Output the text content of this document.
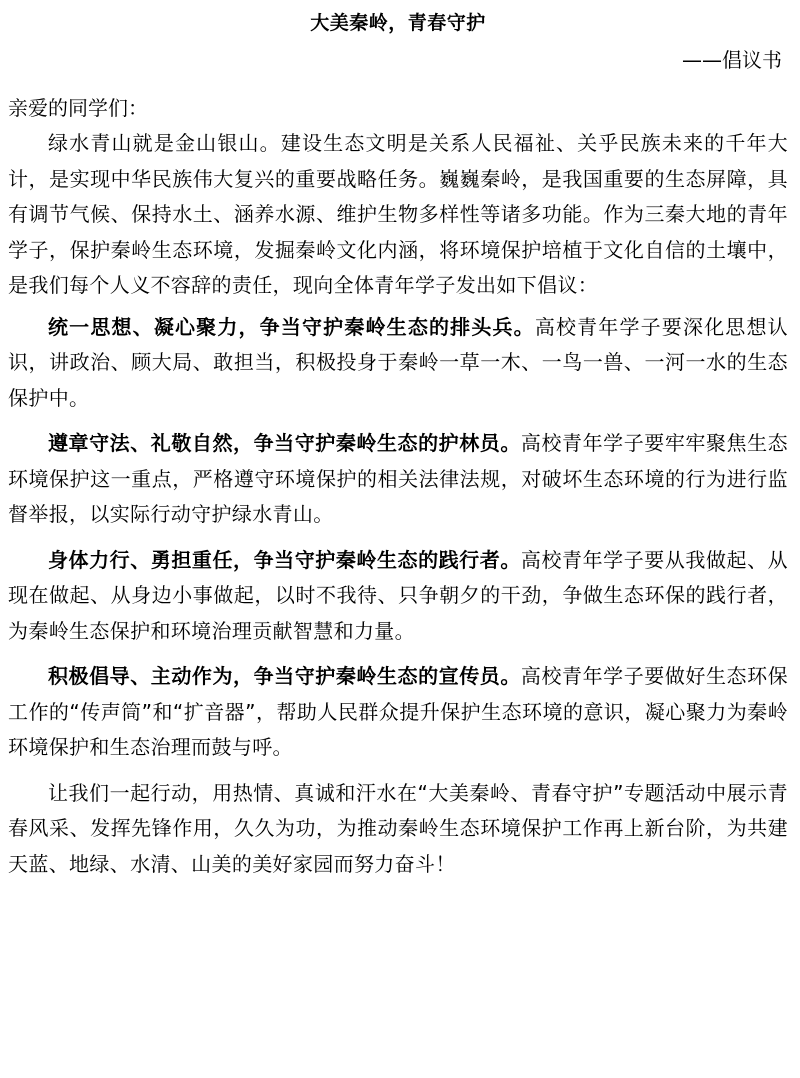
大美秦岭，青春守护
——倡议书
亲爱的同学们：

绿水青山就是金山银山。建设生态文明是关系人民福祉、关乎民族未来的千年大计，是实现中华民族伟大复兴的重要战略任务。巍巍秦岭，是我国重要的生态屏障，具有调节气候、保持水土、涵养水源、维护生物多样性等诸多功能。作为三秦大地的青年学子，保护秦岭生态环境，发掘秦岭文化内涵，将环境保护培植于文化自信的土壤中，是我们每个人义不容辞的责任，现向全体青年学子发出如下倡议：

统一思想、凝心聚力，争当守护秦岭生态的排头兵。高校青年学子要深化思想认识，讲政治、顾大局、敢担当，积极投身于秦岭一草一木、一鸟一兽、一河一水的生态保护中。

遵章守法、礼敬自然，争当守护秦岭生态的护林员。高校青年学子要牢牢聚焦生态环境保护这一重点，严格遵守环境保护的相关法律法规，对破坏生态环境的行为进行监督举报，以实际行动守护绿水青山。

身体力行、勇担重任，争当守护秦岭生态的践行者。高校青年学子要从我做起、从现在做起、从身边小事做起，以时不我待、只争朝夕的干劲，争做生态环保的践行者，为秦岭生态保护和环境治理贡献智慧和力量。

积极倡导、主动作为，争当守护秦岭生态的宣传员。高校青年学子要做好生态环保工作的“传声筒”和“扩音器”，帮助人民群众提升保护生态环境的意识，凝心聚力为秦岭环境保护和生态治理而鼓与呼。

让我们一起行动，用热情、真诚和汗水在“大美秦岭、青春守护”专题活动中展示青春风采、发挥先锋作用，久久为功，为推动秦岭生态环境保护工作再上新台阶，为共建天蓝、地绿、水清、山美的美好家园而努力奋斗！
